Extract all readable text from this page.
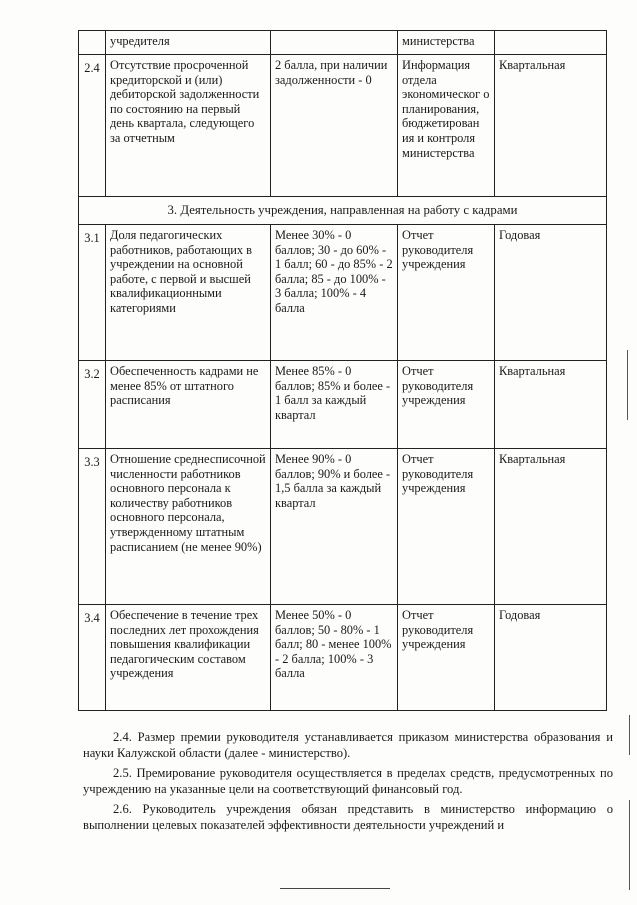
	учредителя		министерства	
2.4	Отсутствие просроченной кредиторской и (или) дебиторской задолженности по состоянию на первый день квартала, следующего за отчетным	2 балла, при наличии задолженности - 0	Информация отдела экономическог о планирования, бюджетирован ия и контроля министерства	Квартальная
3. Деятельность учреждения, направленная на работу с кадрами				
3.1	Доля педагогических работников, работающих в учреждении на основной работе, с первой и высшей квалификационными категориями	Менее 30% - 0 баллов; 30 - до 60% - 1 балл; 60 - до 85% - 2 балла; 85 - до 100% - 3 балла; 100% - 4 балла	Отчет руководителя учреждения	Годовая
3.2	Обеспеченность кадрами не менее 85% от штатного расписания	Менее 85% - 0 баллов; 85% и более - 1 балл за каждый квартал	Отчет руководителя учреждения	Квартальная
3.3	Отношение среднесписочной численности работников основного персонала к количеству работников основного персонала, утвержденному штатным расписанием (не менее 90%)	Менее 90% - 0 баллов; 90% и более - 1,5 балла за каждый квартал	Отчет руководителя учреждения	Квартальная
3.4	Обеспечение в течение трех последних лет прохождения повышения квалификации педагогическим составом учреждения	Менее 50% - 0 баллов; 50 - 80% - 1 балл; 80 - менее 100% - 2 балла; 100% - 3 балла	Отчет руководителя учреждения	Годовая

2.4. Размер премии руководителя устанавливается приказом министерства образования и науки Калужской области (далее - министерство).

2.5. Премирование руководителя осуществляется в пределах средств, предусмотренных по учреждению на указанные цели на соответствующий финансовый год.

2.6. Руководитель учреждения обязан представить в министерство информацию о выполнении целевых показателей эффективности деятельности учреждений и
